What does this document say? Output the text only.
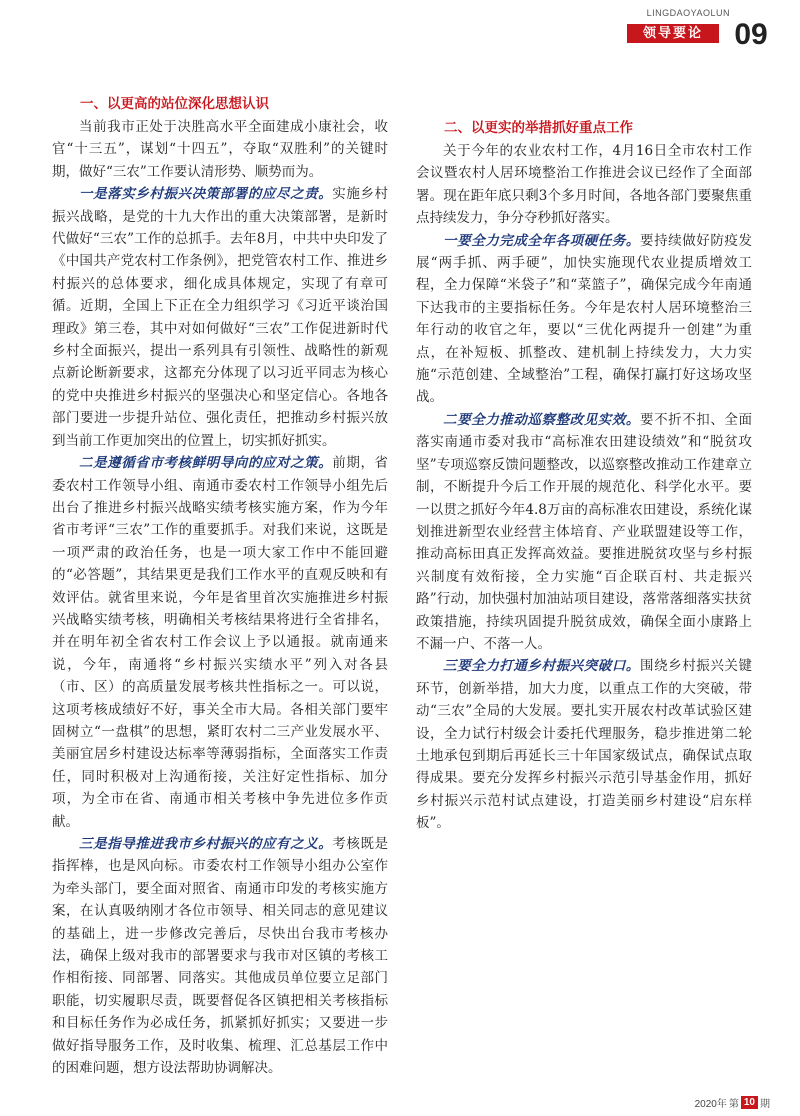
LINGDAOYAOLUN
领导要论	09
一、以更高的站位深化思想认识

当前我市正处于决胜高水平全面建成小康社会，收官“十三五”，谋划“十四五”，夺取“双胜利”的关键时期，做好“三农”工作要认清形势、顺势而为。

一是落实乡村振兴决策部署的应尽之责。实施乡村振兴战略，是党的十九大作出的重大决策部署，是新时代做好“三农”工作的总抓手。去年8月，中共中央印发了《中国共产党农村工作条例》，把党管农村工作、推进乡村振兴的总体要求，细化成具体规定，实现了有章可循。近期，全国上下正在全力组织学习《习近平谈治国理政》第三卷，其中对如何做好“三农”工作促进新时代乡村全面振兴，提出一系列具有引领性、战略性的新观点新论断新要求，这都充分体现了以习近平同志为核心的党中央推进乡村振兴的坚强决心和坚定信心。各地各部门要进一步提升站位、强化责任，把推动乡村振兴放到当前工作更加突出的位置上，切实抓好抓实。

二是遵循省市考核鲜明导向的应对之策。前期，省委农村工作领导小组、南通市委农村工作领导小组先后出台了推进乡村振兴战略实绩考核实施方案，作为今年省市考评“三农”工作的重要抓手。对我们来说，这既是一项严肃的政治任务，也是一项大家工作中不能回避的“必答题”，其结果更是我们工作水平的直观反映和有效评估。就省里来说，今年是省里首次实施推进乡村振兴战略实绩考核，明确相关考核结果将进行全省排名，并在明年初全省农村工作会议上予以通报。就南通来说，今年，南通将“乡村振兴实绩水平”列入对各县（市、区）的高质量发展考核共性指标之一。可以说，这项考核成绩好不好，事关全市大局。各相关部门要牢固树立“一盘棋”的思想，紧盯农村二三产业发展水平、美丽宜居乡村建设达标率等薄弱指标，全面落实工作责任，同时积极对上沟通衔接，关注好定性指标、加分项，为全市在省、南通市相关考核中争先进位多作贡献。

三是指导推进我市乡村振兴的应有之义。考核既是指挥棒，也是风向标。市委农村工作领导小组办公室作为牵头部门，要全面对照省、南通市印发的考核实施方案，在认真吸纳刚才各位市领导、相关同志的意见建议的基础上，进一步修改完善后，尽快出台我市考核办法，确保上级对我市的部署要求与我市对区镇的考核工作相衔接、同部署、同落实。其他成员单位要立足部门职能，切实履职尽责，既要督促各区镇把相关考核指标和目标任务作为必成任务，抓紧抓好抓实；又要进一步做好指导服务工作，及时收集、梳理、汇总基层工作中的困难问题，想方设法帮助协调解决。

二、以更实的举措抓好重点工作

关于今年的农业农村工作，4月16日全市农村工作会议暨农村人居环境整治工作推进会议已经作了全面部署。现在距年底只剩3个多月时间，各地各部门要聚焦重点持续发力，争分夺秒抓好落实。

一要全力完成全年各项硬任务。要持续做好防疫发展“两手抓、两手硬”，加快实施现代农业提质增效工程，全力保障“米袋子”和“菜篮子”，确保完成今年南通下达我市的主要指标任务。今年是农村人居环境整治三年行动的收官之年，要以“三优化两提升一创建”为重点，在补短板、抓整改、建机制上持续发力，大力实施“示范创建、全域整治”工程，确保打赢打好这场攻坚战。

二要全力推动巡察整改见实效。要不折不扣、全面落实南通市委对我市“高标准农田建设绩效”和“脱贫攻坚”专项巡察反馈问题整改，以巡察整改推动工作建章立制，不断提升今后工作开展的规范化、科学化水平。要一以贯之抓好今年4.8万亩的高标准农田建设，系统化谋划推进新型农业经营主体培育、产业联盟建设等工作，推动高标田真正发挥高效益。要推进脱贫攻坚与乡村振兴制度有效衔接，全力实施“百企联百村、共走振兴路”行动，加快强村加油站项目建设，落常落细落实扶贫政策措施，持续巩固提升脱贫成效，确保全面小康路上不漏一户、不落一人。

三要全力打通乡村振兴突破口。围绕乡村振兴关键环节，创新举措，加大力度，以重点工作的大突破，带动“三农”全局的大发展。要扎实开展农村改革试验区建设，全力试行村级会计委托代理服务，稳步推进第二轮土地承包到期后再延长三十年国家级试点，确保试点取得成果。要充分发挥乡村振兴示范引导基金作用，抓好乡村振兴示范村试点建设，打造美丽乡村建设“启东样板”。

2020年 第 10 期
